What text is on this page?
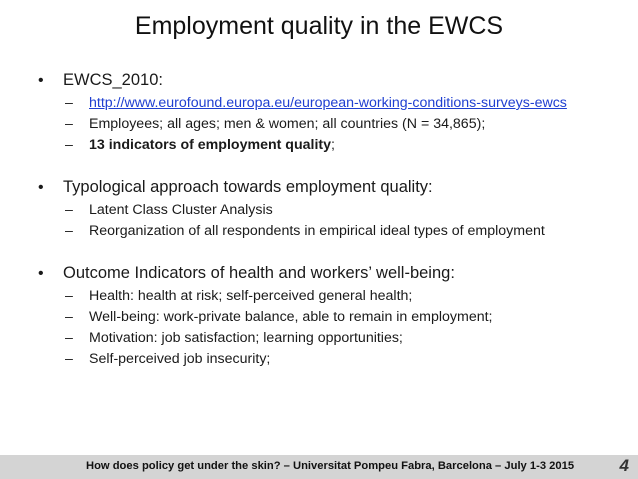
Employment quality in the EWCS
• EWCS_2010:
– http://www.eurofound.europa.eu/european-working-conditions-surveys-ewcs
– Employees; all ages; men & women; all countries (N = 34,865);
– 13 indicators of employment quality;
• Typological approach towards employment quality:
– Latent Class Cluster Analysis
– Reorganization of all respondents in empirical ideal types of employment
• Outcome Indicators of health and workers’ well-being:
– Health: health at risk; self-perceived general health;
– Well-being: work-private balance, able to remain in employment;
– Motivation: job satisfaction; learning opportunities;
– Self-perceived job insecurity;
How does policy get under the skin? – Universitat Pompeu Fabra, Barcelona – July 1-3 2015	4
